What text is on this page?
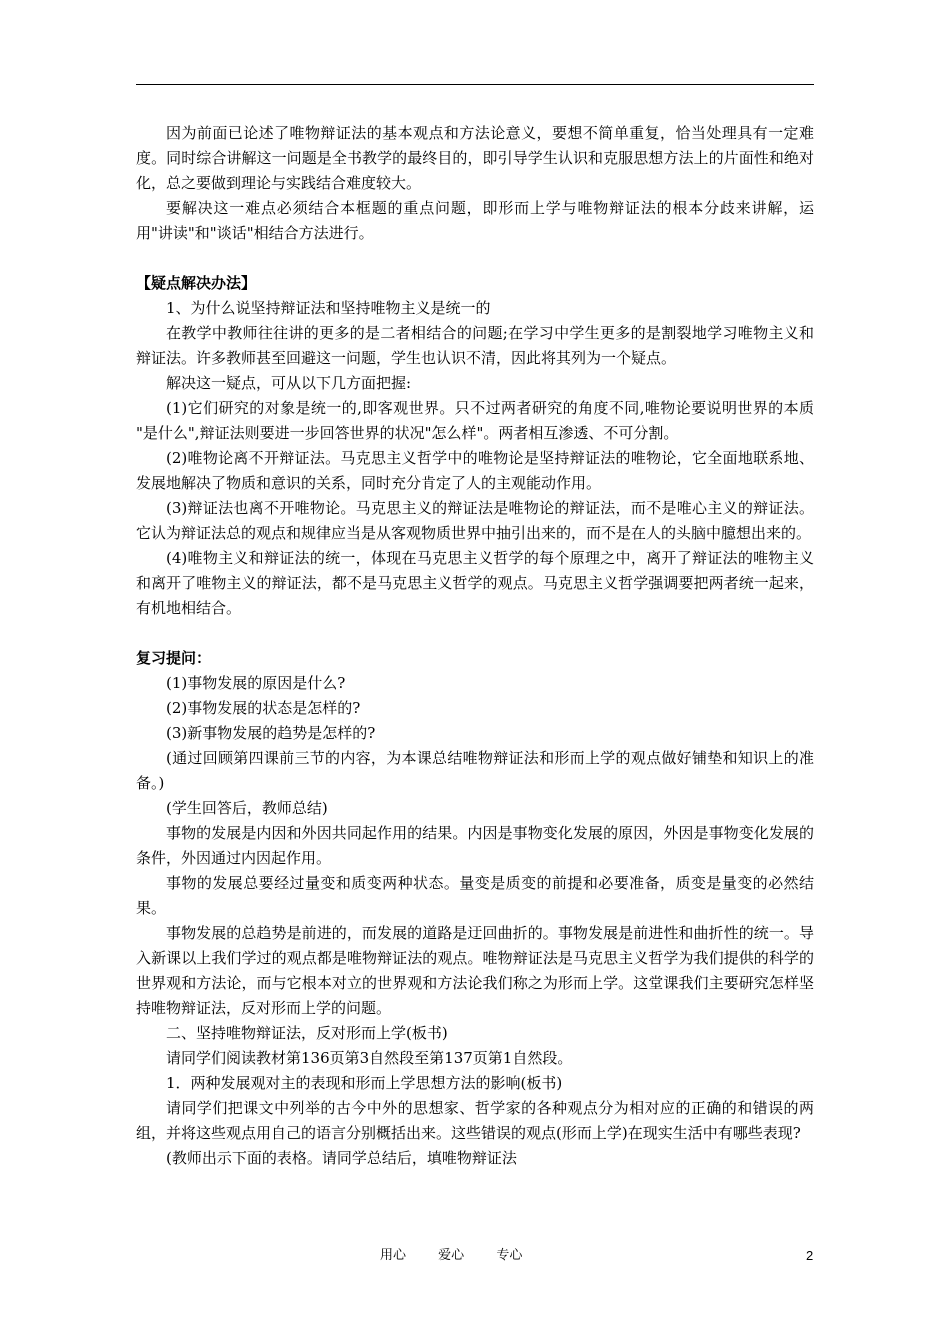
因为前面已论述了唯物辩证法的基本观点和方法论意义，要想不简单重复，恰当处理具有一定难度。同时综合讲解这一问题是全书教学的最终目的，即引导学生认识和克服思想方法上的片面性和绝对化，总之要做到理论与实践结合难度较大。

要解决这一难点必须结合本框题的重点问题，即形而上学与唯物辩证法的根本分歧来讲解，运用"讲读"和"谈话"相结合方法进行。

【疑点解决办法】

1、为什么说坚持辩证法和坚持唯物主义是统一的

在教学中教师往往讲的更多的是二者相结合的问题;在学习中学生更多的是割裂地学习唯物主义和辩证法。许多教师甚至回避这一问题，学生也认识不清，因此将其列为一个疑点。

解决这一疑点，可从以下几方面把握:

(1)它们研究的对象是统一的,即客观世界。只不过两者研究的角度不同,唯物论要说明世界的本质 "是什么",辩证法则要进一步回答世界的状况"怎么样"。两者相互渗透、不可分割。

(2)唯物论离不开辩证法。马克思主义哲学中的唯物论是坚持辩证法的唯物论，它全面地联系地、发展地解决了物质和意识的关系，同时充分肯定了人的主观能动作用。

(3)辩证法也离不开唯物论。马克思主义的辩证法是唯物论的辩证法，而不是唯心主义的辩证法。它认为辩证法总的观点和规律应当是从客观物质世界中抽引出来的，而不是在人的头脑中臆想出来的。

(4)唯物主义和辩证法的统一，体现在马克思主义哲学的每个原理之中，离开了辩证法的唯物主义和离开了唯物主义的辩证法，都不是马克思主义哲学的观点。马克思主义哲学强调要把两者统一起来，有机地相结合。

复习提问：

(1)事物发展的原因是什么?

(2)事物发展的状态是怎样的?

(3)新事物发展的趋势是怎样的?

(通过回顾第四课前三节的内容，为本课总结唯物辩证法和形而上学的观点做好铺垫和知识上的准备。)

(学生回答后，教师总结)

事物的发展是内因和外因共同起作用的结果。内因是事物变化发展的原因，外因是事物变化发展的条件，外因通过内因起作用。

事物的发展总要经过量变和质变两种状态。量变是质变的前提和必要准备，质变是量变的必然结果。

事物发展的总趋势是前进的，而发展的道路是迂回曲折的。事物发展是前进性和曲折性的统一。导入新课以上我们学过的观点都是唯物辩证法的观点。唯物辩证法是马克思主义哲学为我们提供的科学的世界观和方法论，而与它根本对立的世界观和方法论我们称之为形而上学。这堂课我们主要研究怎样坚持唯物辩证法，反对形而上学的问题。

二、坚持唯物辩证法，反对形而上学(板书)

请同学们阅读教材第136页第3自然段至第137页第1自然段。

1．两种发展观对主的表现和形而上学思想方法的影响(板书)

请同学们把课文中列举的古今中外的思想家、哲学家的各种观点分为相对应的正确的和错误的两组，并将这些观点用自己的语言分别概括出来。这些错误的观点(形而上学)在现实生活中有哪些表现?

(教师出示下面的表格。请同学总结后，填唯物辩证法

用心 爱心 专心	2
